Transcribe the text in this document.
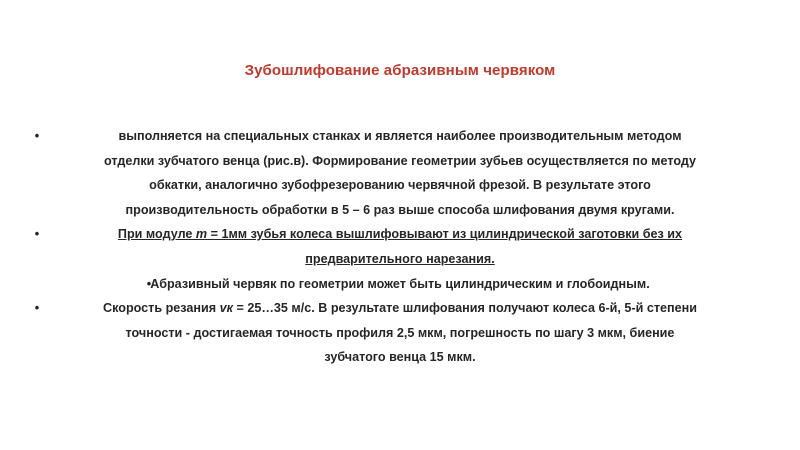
Зубошлифование абразивным червяком
•	выполняется на специальных станках и является наиболее производительным методом
отделки зубчатого венца (рис.в). Формирование геометрии зубьев осуществляется по методу
обкатки, аналогично зубофрезерованию червячной фрезой. В результате этого
производительность обработки в 5 – 6 раз выше способа шлифования двумя кругами.
•	При модуле m = 1мм зубья колеса вышлифовывают из цилиндрической заготовки без их
предварительного нарезания.
• Абразивный червяк по геометрии может быть цилиндрическим и глобоидным.
•	Скорость резания vк = 25…35 м/с. В результате шлифования получают колеса 6-й, 5-й степени
точности - достигаемая точность профиля 2,5 мкм, погрешность по шагу 3 мкм, биение
зубчатого венца 15 мкм.
